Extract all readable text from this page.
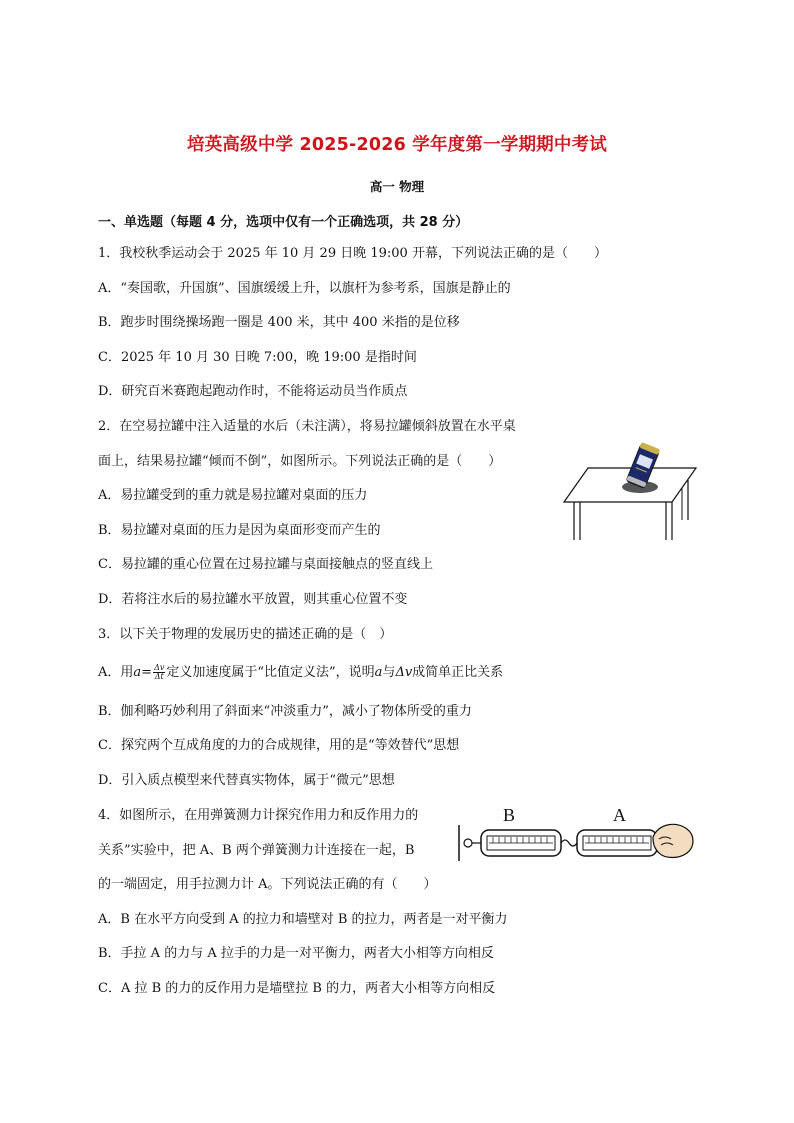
培英高级中学 2025-2026 学年度第一学期期中考试
高一 物理
一、单选题（每题 4 分，选项中仅有一个正确选项，共 28 分）
1．我校秋季运动会于 2025 年 10 月 29 日晚 19:00 开幕，下列说法正确的是（　　）
A．“奏国歌，升国旗”、国旗缓缓上升，以旗杆为参考系，国旗是静止的
B．跑步时围绕操场跑一圈是 400 米，其中 400 米指的是位移
C．2025 年 10 月 30 日晚 7:00，晚 19:00 是指时间
D．研究百米赛跑起跑动作时，不能将运动员当作质点
2．在空易拉罐中注入适量的水后（未注满），将易拉罐倾斜放置在水平桌
面上，结果易拉罐“倾而不倒”，如图所示。下列说法正确的是（　　）
A．易拉罐受到的重力就是易拉罐对桌面的压力
B．易拉罐对桌面的压力是因为桌面形变而产生的
C．易拉罐的重心位置在过易拉罐与桌面接触点的竖直线上
D．若将注水后的易拉罐水平放置，则其重心位置不变
3．以下关于物理的发展历史的描述正确的是（　）
A．用$a= \frac{\Delta v}{\Delta t}$ 定义加速度属于“比值定义法”，说明a与Δv成简单正比关系
B．伽利略巧妙利用了斜面来“冲淡重力”，减小了物体所受的重力
C．探究两个互成角度的力的合成规律，用的是“等效替代”思想
D．引入质点模型来代替真实物体，属于“微元”思想
4．如图所示，在用弹簧测力计探究作用力和反作用力的
关系”实验中，把 A、B 两个弹簧测力计连接在一起，B
的一端固定，用手拉测力计 A。下列说法正确的有（　　）
A．B 在水平方向受到 A 的拉力和墙壁对 B 的拉力，两者是一对平衡力
B．手拉 A 的力与 A 拉手的力是一对平衡力，两者大小相等方向相反
C．A 拉 B 的力的反作用力是墙壁拉 B 的力，两者大小相等方向相反
B	A
